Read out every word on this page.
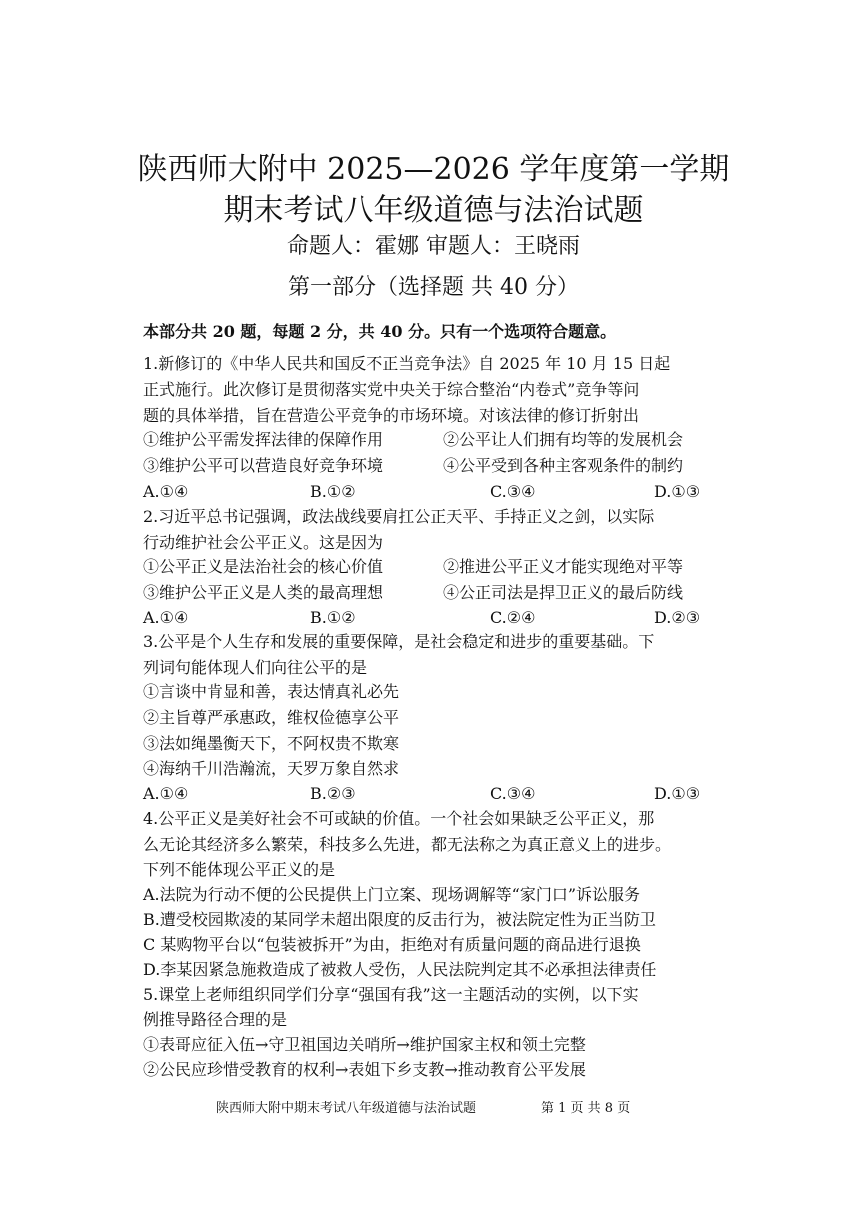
陕西师大附中 2025—2026 学年度第一学期
期末考试八年级道德与法治试题
命题人：霍娜 审题人：王晓雨
第一部分（选择题 共 40 分）
本部分共 20 题，每题 2 分，共 40 分。只有一个选项符合题意。
1.新修订的《中华人民共和国反不正当竞争法》自 2025 年 10 月 15 日起
正式施行。此次修订是贯彻落实党中央关于综合整治“内卷式”竞争等问
题的具体举措，旨在营造公平竞争的市场环境。对该法律的修订折射出
①维护公平需发挥法律的保障作用	②公平让人们拥有均等的发展机会
③维护公平可以营造良好竞争环境	④公平受到各种主客观条件的制约
A.①④	B.①②	C.③④	D.①③
2.习近平总书记强调，政法战线要肩扛公正天平、手持正义之剑，以实际
行动维护社会公平正义。这是因为
①公平正义是法治社会的核心价值	②推进公平正义才能实现绝对平等
③维护公平正义是人类的最高理想	④公正司法是捍卫正义的最后防线
A.①④	B.①②	C.②④	D.②③
3.公平是个人生存和发展的重要保障，是社会稳定和进步的重要基础。下
列词句能体现人们向往公平的是
①言谈中肯显和善，表达情真礼必先
②主旨尊严承惠政，维权俭德享公平
③法如绳墨衡天下，不阿权贵不欺寒
④海纳千川浩瀚流，天罗万象自然求
A.①④	B.②③	C.③④	D.①③
4.公平正义是美好社会不可或缺的价值。一个社会如果缺乏公平正义，那
么无论其经济多么繁荣，科技多么先进，都无法称之为真正意义上的进步。
下列不能体现公平正义的是
A.法院为行动不便的公民提供上门立案、现场调解等“家门口”诉讼服务
B.遭受校园欺凌的某同学未超出限度的反击行为，被法院定性为正当防卫
C 某购物平台以“包装被拆开”为由，拒绝对有质量问题的商品进行退换
D.李某因紧急施救造成了被救人受伤，人民法院判定其不必承担法律责任
5.课堂上老师组织同学们分享“强国有我”这一主题活动的实例，以下实
例推导路径合理的是
①表哥应征入伍→守卫祖国边关哨所→维护国家主权和领土完整
②公民应珍惜受教育的权利→表姐下乡支教→推动教育公平发展
陕西师大附中期末考试八年级道德与法治试题	第 1 页 共 8 页
